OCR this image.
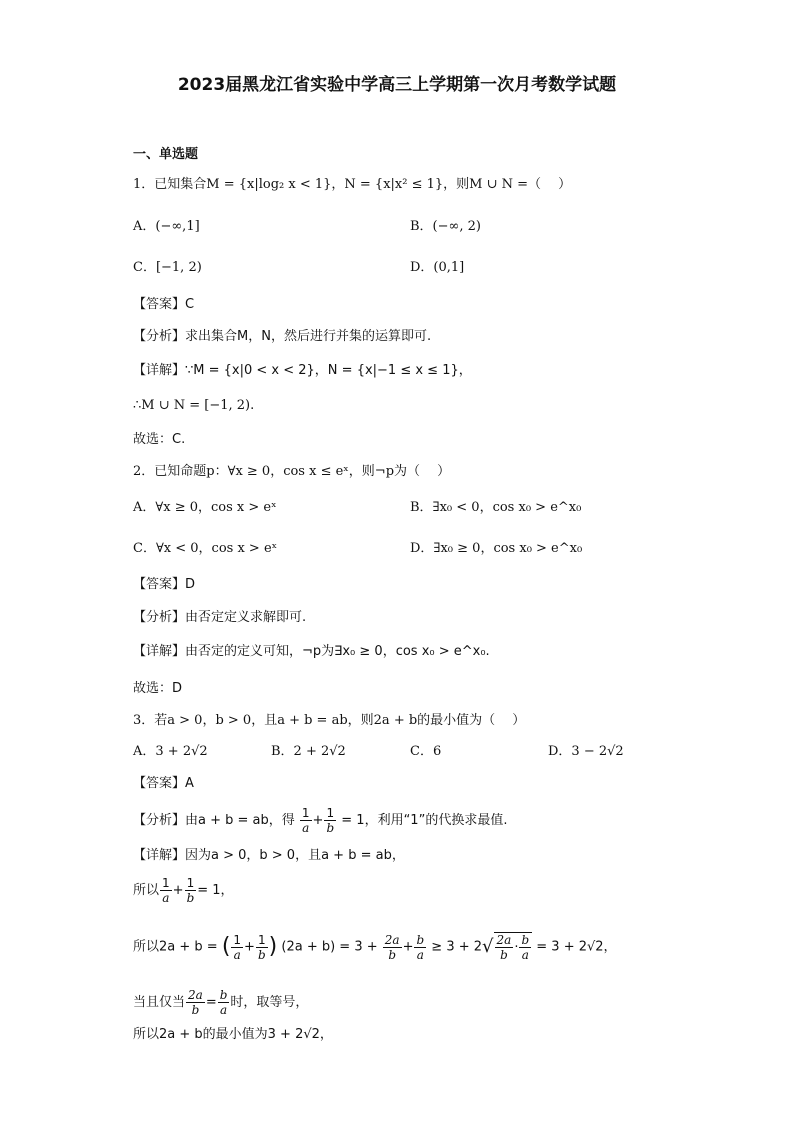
2023届黑龙江省实验中学高三上学期第一次月考数学试题
一、单选题
1．已知集合M = {x|log₂ x < 1}，N = {x|x² ≤ 1}，则M ∪ N =（　 ）
A．(−∞,1]	B．(−∞, 2)
C．[−1, 2)	D．(0,1]
【答案】C
【分析】求出集合M，N，然后进行并集的运算即可.
【详解】∵M = {x|0 < x < 2}，N = {x|−1 ≤ x ≤ 1}，
∴M ∪ N = [−1, 2).
故选：C.
2．已知命题p：∀x ≥ 0，cos x ≤ eˣ，则¬p为（　 ）
A．∀x ≥ 0，cos x > eˣ	B．∃x₀ < 0，cos x₀ > e^x₀
C．∀x < 0，cos x > eˣ	D．∃x₀ ≥ 0，cos x₀ > e^x₀
【答案】D
【分析】由否定定义求解即可.
【详解】由否定的定义可知，¬p为∃x₀ ≥ 0，cos x₀ > e^x₀.
故选：D
3．若a > 0，b > 0，且a + b = ab，则2a + b的最小值为（　 ）
A．3 + 2√2	B．2 + 2√2	C．6	D．3 − 2√2
【答案】A
【分析】由a + b = ab，得 $\frac{1}{a} + \frac{1}{b} = 1$，利用“1”的代换求最值.
【详解】因为a > 0，b > 0，且a + b = ab，
所以 $\frac{1}{a} + \frac{1}{b} = 1$，
所以2a + b = ( $\frac{1}{a} + \frac{1}{b}$ ) $(2a + b) = 3 + \frac{2a}{b} + \frac{b}{a} \ge 3 + 2√ \frac{2a}{b} \cdot \frac{b}{a} = 3 + 2√2$，
当且仅当 $\frac{2a}{b} = \frac{b}{a}$ 时，取等号，
所以2a + b的最小值为3 + 2√2，
